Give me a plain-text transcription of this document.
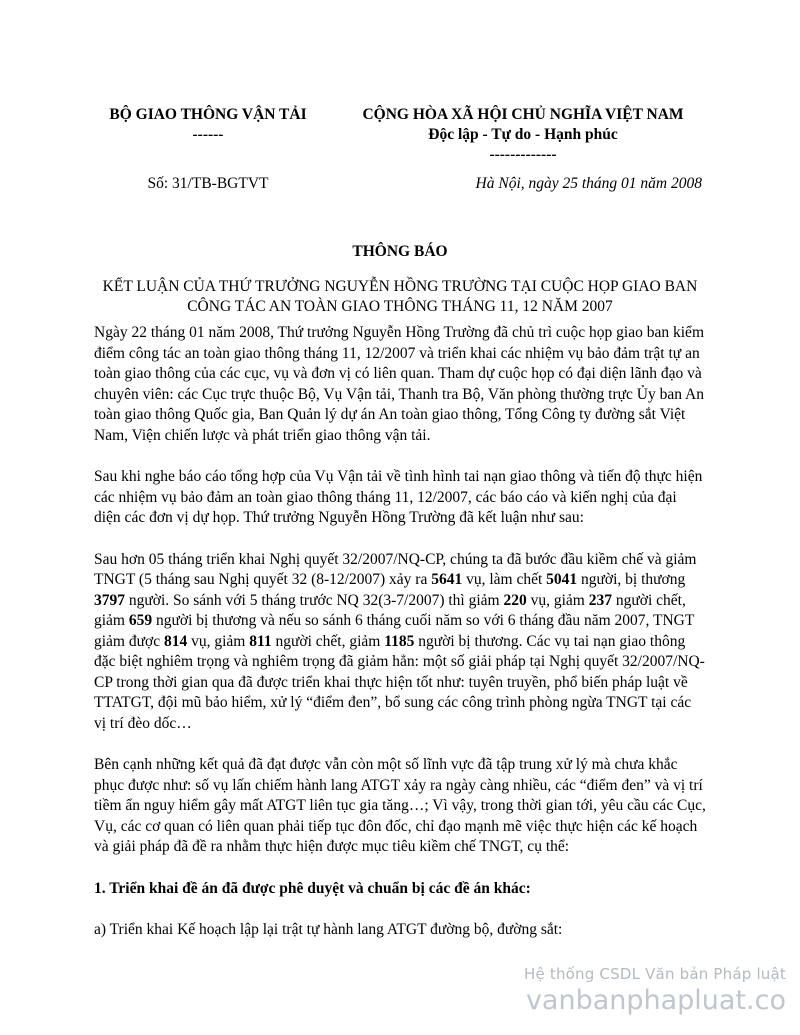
BỘ GIAO THÔNG VẬN TẢI
------
CỘNG HÒA XÃ HỘI CHỦ NGHĨA VIỆT NAM
Độc lập - Tự do - Hạnh phúc
-------------
Số: 31/TB-BGTVT	Hà Nội, ngày 25 tháng 01 năm 2008
THÔNG BÁO
KẾT LUẬN CỦA THỨ TRƯỞNG NGUYỄN HỒNG TRƯỜNG TẠI CUỘC HỌP GIAO BAN CÔNG TÁC AN TOÀN GIAO THÔNG THÁNG 11, 12 NĂM 2007

Ngày 22 tháng 01 năm 2008, Thứ trưởng Nguyễn Hồng Trường đã chủ trì cuộc họp giao ban kiểm điểm công tác an toàn giao thông tháng 11, 12/2007 và triển khai các nhiệm vụ bảo đảm trật tự an toàn giao thông của các cục, vụ và đơn vị có liên quan. Tham dự cuộc họp có đại diện lãnh đạo và chuyên viên: các Cục trực thuộc Bộ, Vụ Vận tải, Thanh tra Bộ, Văn phòng thường trực Ủy ban An toàn giao thông Quốc gia, Ban Quản lý dự án An toàn giao thông, Tổng Công ty đường sắt Việt Nam, Viện chiến lược và phát triển giao thông vận tải.

Sau khi nghe báo cáo tổng hợp của Vụ Vận tải về tình hình tai nạn giao thông và tiến độ thực hiện các nhiệm vụ bảo đảm an toàn giao thông tháng 11, 12/2007, các báo cáo và kiến nghị của đại diện các đơn vị dự họp. Thứ trưởng Nguyễn Hồng Trường đã kết luận như sau:

Sau hơn 05 tháng triển khai Nghị quyết 32/2007/NQ-CP, chúng ta đã bước đầu kiềm chế và giảm TNGT (5 tháng sau Nghị quyết 32 (8-12/2007) xảy ra 5641 vụ, làm chết 5041 người, bị thương 3797 người. So sánh với 5 tháng trước NQ 32(3-7/2007) thì giảm 220 vụ, giảm 237 người chết, giảm 659 người bị thương và nếu so sánh 6 tháng cuối năm so với 6 tháng đầu năm 2007, TNGT giảm được 814 vụ, giảm 811 người chết, giảm 1185 người bị thương. Các vụ tai nạn giao thông đặc biệt nghiêm trọng và nghiêm trọng đã giảm hẳn: một số giải pháp tại Nghị quyết 32/2007/NQ-CP trong thời gian qua đã được triển khai thực hiện tốt như: tuyên truyền, phổ biến pháp luật về TTATGT, đội mũ bảo hiểm, xử lý “điểm đen”, bổ sung các công trình phòng ngừa TNGT tại các vị trí đèo dốc…

Bên cạnh những kết quả đã đạt được vẫn còn một số lĩnh vực đã tập trung xử lý mà chưa khắc phục được như: số vụ lấn chiếm hành lang ATGT xảy ra ngày càng nhiều, các “điểm đen” và vị trí tiềm ẩn nguy hiểm gây mất ATGT liên tục gia tăng…; Vì vậy, trong thời gian tới, yêu cầu các Cục, Vụ, các cơ quan có liên quan phải tiếp tục đôn đốc, chỉ đạo mạnh mẽ việc thực hiện các kế hoạch và giải pháp đã đề ra nhằm thực hiện được mục tiêu kiềm chế TNGT, cụ thể:

1. Triển khai đề án đã được phê duyệt và chuẩn bị các đề án khác:

a) Triển khai Kế hoạch lập lại trật tự hành lang ATGT đường bộ, đường sắt:

Hệ thống CSDL Văn bản Pháp luật
vanbanphapluat.co
